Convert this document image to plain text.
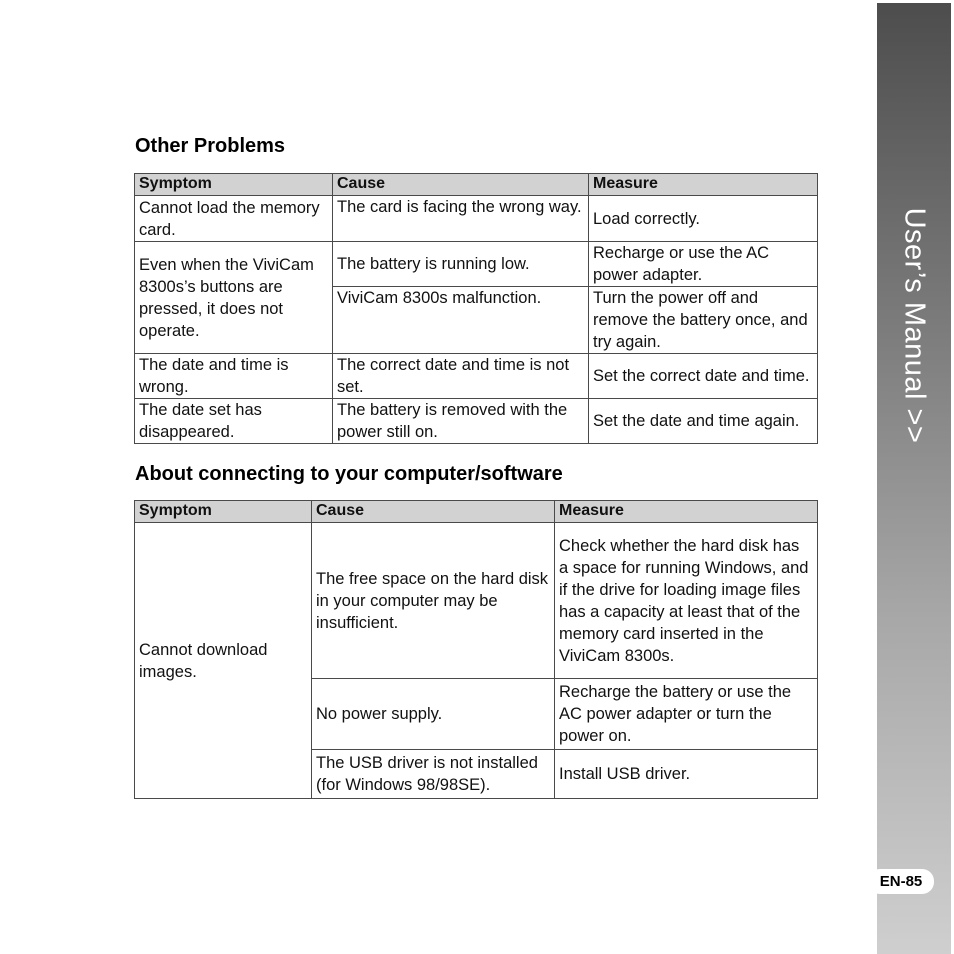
User’s Manual >>
EN-85
Other Problems
Symptom	Cause	Measure
Cannot load the memory card.	The card is facing the wrong way.	Load correctly.
Even when the ViviCam 8300s’s buttons are pressed, it does not operate.	The battery is running low.	Recharge or use the AC power adapter.
	ViviCam 8300s malfunction.	Turn the power off and remove the battery once, and try again.
The date and time is wrong.	The correct date and time is not set.	Set the correct date and time.
The date set has disappeared.	The battery is removed with the power still on.	Set the date and time again.
About connecting to your computer/software
Symptom	Cause	Measure
Cannot download images.	The free space on the hard disk in your computer may be insufficient.	Check whether the hard disk has a space for running Windows, and if the drive for loading image files has a capacity at least that of the memory card inserted in the ViviCam 8300s.
	No power supply.	Recharge the battery or use the AC power adapter or turn the power on.
	The USB driver is not installed (for Windows 98/98SE).	Install USB driver.
